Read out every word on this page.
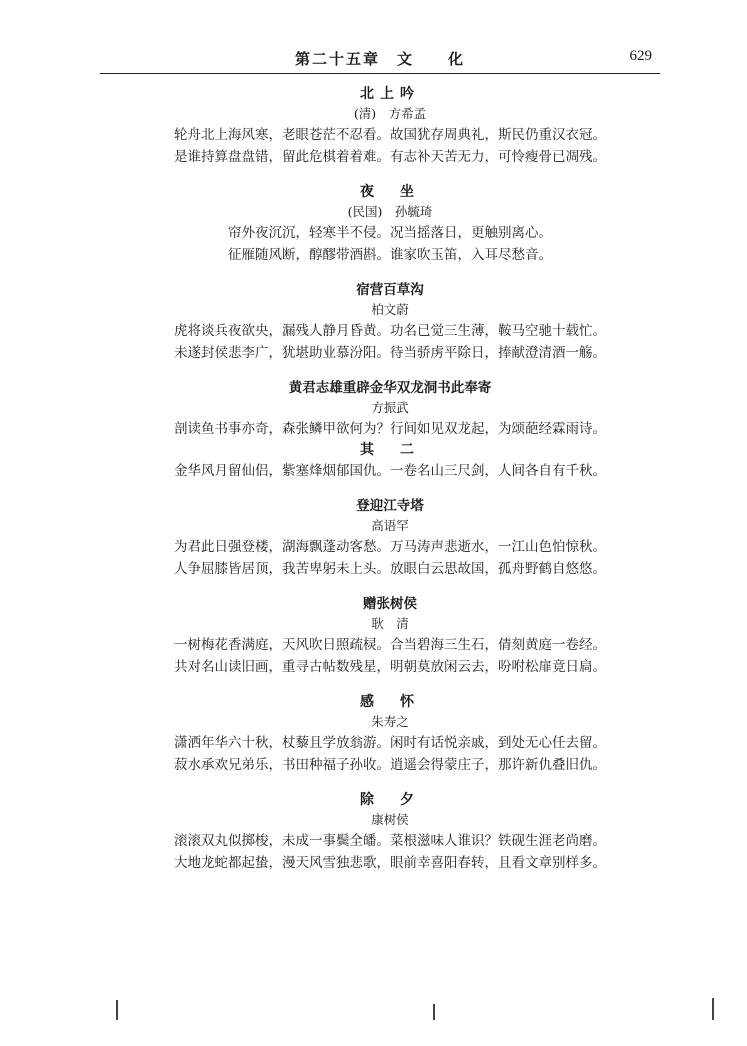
第二十五章　文　　化	629
北上吟
(清)　方希孟
轮舟北上海风寒，老眼苍茫不忍看。故国犹存周典礼，斯民仍重汉衣冠。
是谁持算盘盘错，留此危棋着着难。有志补天苦无力，可怜瘦骨已凋残。
夜　坐
(民国)　孙毓琦
帘外夜沉沉，轻寒半不侵。况当摇落日，更触别离心。
征雁随风断，醇醪带酒斟。谁家吹玉笛，入耳尽愁音。
宿营百草沟
柏文蔚
虎将谈兵夜欲央，漏残人静月昏黄。功名已觉三生薄，鞍马空驰十载忙。
未遂封侯悲李广，犹堪助业慕汾阳。待当骄虏平除日，捧献澄清酒一觞。
黄君志雄重辟金华双龙洞书此奉寄
方振武
剖读鱼书事亦奇，森张鳞甲欲何为？行间如见双龙起，为颂葩经霖雨诗。
其　二
金华风月留仙侣，紫塞烽烟郁国仇。一卷名山三尺剑，人间各自有千秋。
登迎江寺塔
高语罕
为君此日强登楼，湖海飘蓬动客愁。万马涛声悲逝水，一江山色怕惊秋。
人争屈膝皆居顶，我苦卑躬未上头。放眼白云思故国，孤舟野鹤自悠悠。
赠张树侯
耿　清
一树梅花香满庭，天风吹日照疏棂。合当碧海三生石，倩刻黄庭一卷经。
共对名山读旧画，重寻古帖数残星，明朝莫放闲云去，吩咐松扉竟日扃。
感　怀
朱寿之
潇洒年华六十秋，杖藜且学放翁游。闲时有话悦亲戚，到处无心任去留。
菽水承欢兄弟乐，书田种福子孙收。逍遥会得蒙庄子，那许新仇叠旧仇。
除　夕
康树侯
滚滚双丸似掷梭，未成一事鬓全皤。菜根滋味人谁识？铁砚生涯老尚磨。
大地龙蛇都起蛰，漫天风雪独悲歌，眼前幸喜阳春转，且看文章别样多。
